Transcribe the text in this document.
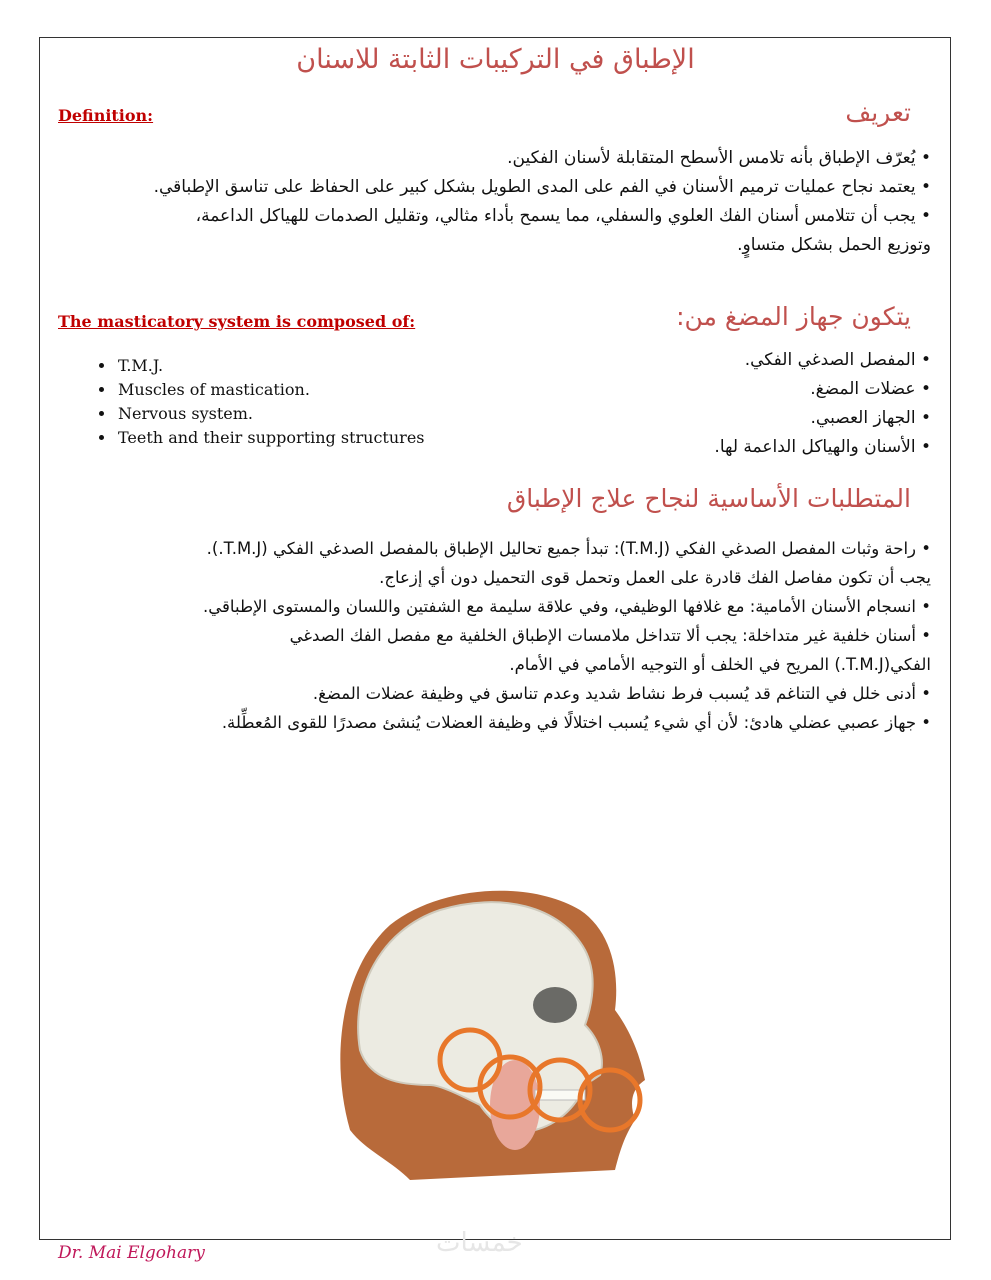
الإطباق في التركيبات الثابتة للاسنان
تعريف
Definition:
• يُعرّف الإطباق بأنه تلامس الأسطح المتقابلة لأسنان الفكين.
• يعتمد نجاح عمليات ترميم الأسنان في الفم على المدى الطويل بشكل كبير على الحفاظ على تناسق الإطباقي.
• يجب أن تتلامس أسنان الفك العلوي والسفلي، مما يسمح بأداء مثالي، وتقليل الصدمات للهياكل الداعمة،
وتوزيع الحمل بشكل متساوٍ.
يتكون جهاز المضغ من:
The masticatory system is composed of:
• المفصل الصدغي الفكي.
• عضلات المضغ.
• الجهاز العصبي.
• الأسنان والهياكل الداعمة لها.
• T.M.J.
• Muscles of mastication.
• Nervous system.
• Teeth and their supporting structures
المتطلبات الأساسية لنجاح علاج الإطباق
• راحة وثبات المفصل الصدغي الفكي (T.M.J): تبدأ جميع تحاليل الإطباق بالمفصل الصدغي الفكي (T.M.J.).
يجب أن تكون مفاصل الفك قادرة على العمل وتحمل قوى التحميل دون أي إزعاج.
• انسجام الأسنان الأمامية: مع غلافها الوظيفي، وفي علاقة سليمة مع الشفتين واللسان والمستوى الإطباقي.
• أسنان خلفية غير متداخلة: يجب ألا تتداخل ملامسات الإطباق الخلفية مع مفصل الفك الصدغي
الفكي(T.M.J.) المريح في الخلف أو التوجيه الأمامي في الأمام.
• أدنى خلل في التناغم قد يُسبب فرط نشاط شديد وعدم تناسق في وظيفة عضلات المضغ.
• جهاز عصبي عضلي هادئ: لأن أي شيء يُسبب اختلالًا في وظيفة العضلات يُنشئ مصدرًا للقوى المُعطِّلة.
خمسات
Dr. Mai Elgohary
